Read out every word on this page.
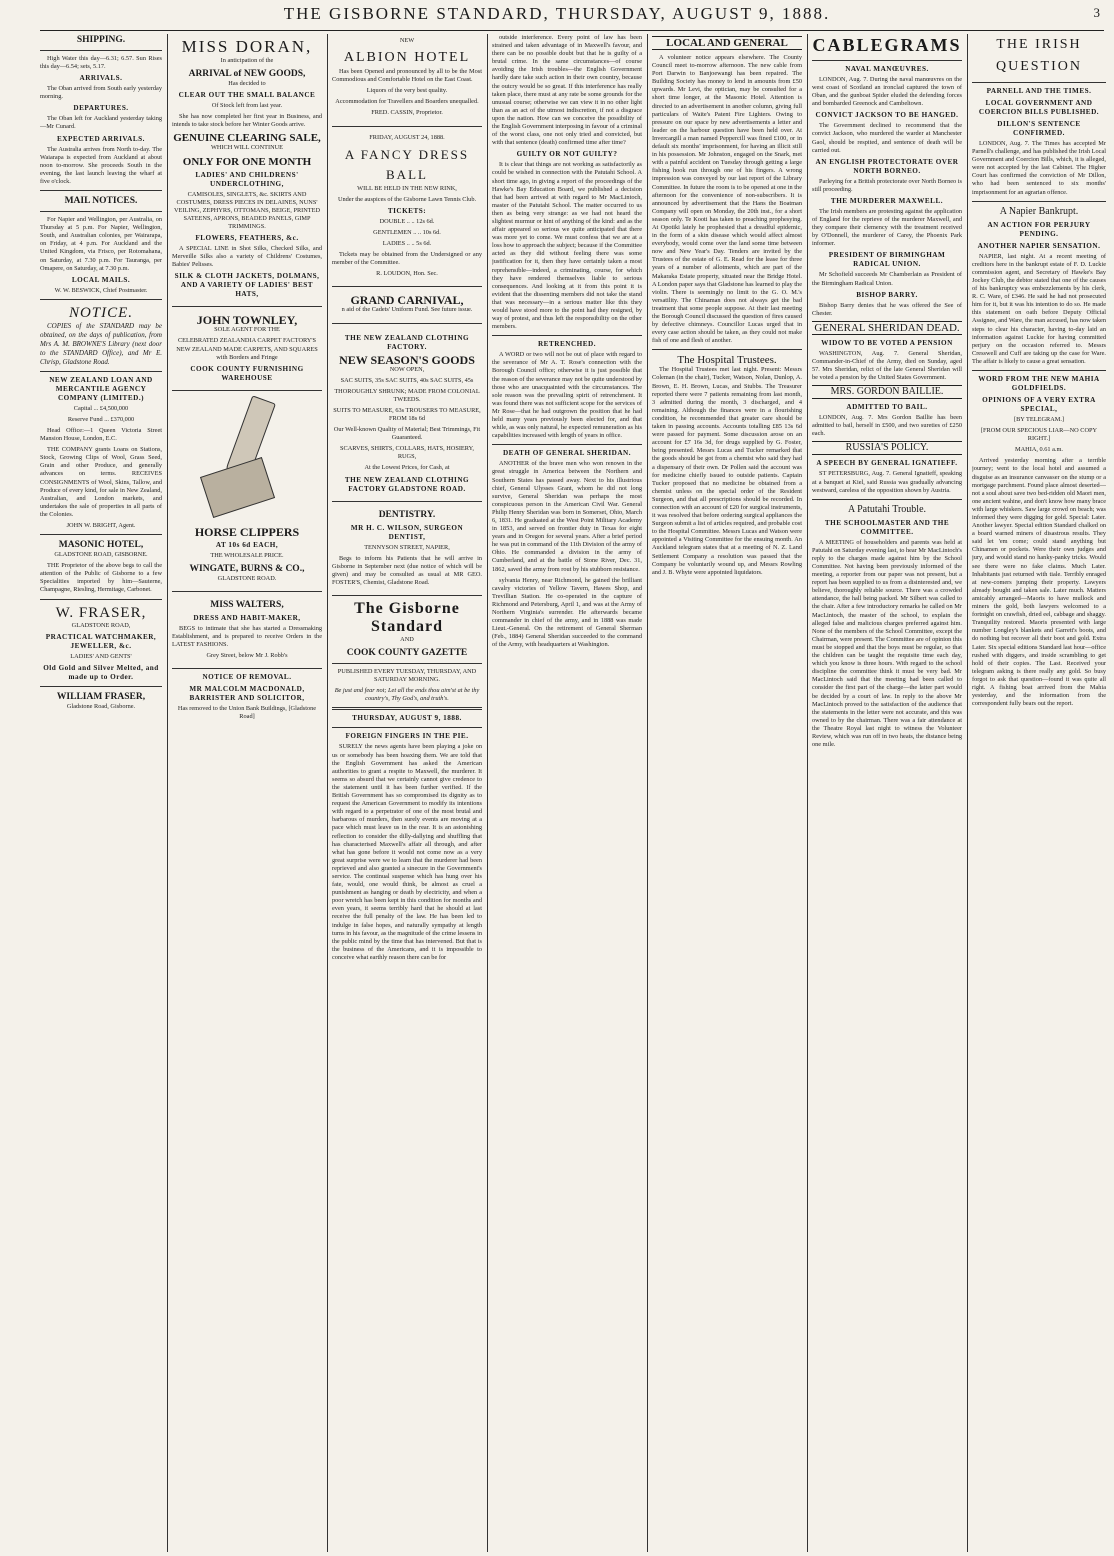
THE GISBORNE STANDARD, THURSDAY, AUGUST 9, 1888.	3
SHIPPING.

High Water this day—6.31; 6.57. Sun Rises this day—6.54; sets, 5.17.

ARRIVALS.

The Oban arrived from South early yesterday morning.

DEPARTURES.

The Oban left for Auckland yesterday taking—Mr Cunard.

EXPECTED ARRIVALS.

The Australia arrives from North to-day. The Waiarapa is expected from Auckland at about noon to-morrow. She proceeds South in the evening, the last launch leaving the wharf at five o'clock.

MAIL NOTICES.

For Napier and Wellington, per Australia, on Thursday at 5 p.m. For Napier, Wellington, South, and Australian colonies, per Wairarapa, on Friday, at 4 p.m. For Auckland and the United Kingdom, via Frisco, per Rotomahana, on Saturday, at 7.30 p.m. For Tauranga, per Omapere, on Saturday, at 7.30 p.m.

LOCAL MAILS.

W. W. BESWICK, Chief Postmaster.

NOTICE.

COPIES of the STANDARD may be obtained, on the days of publication, from Mrs A. M. BROWNE'S Library (next door to the STANDARD Office), and Mr E. Chrisp, Gladstone Road.

NEW ZEALAND LOAN AND MERCANTILE AGENCY COMPANY (LIMITED.)

Capital ... £4,500,000

Reserve Fund ... £370,000

Head Office:—1 Queen Victoria Street Mansion House, London, E.C.

THE COMPANY grants Loans on Stations, Stock, Growing Clips of Wool, Grass Seed, Grain and other Produce, and generally advances on terms. RECEIVES CONSIGNMENTS of Wool, Skins, Tallow, and Produce of every kind, for sale in New Zealand, Australian, and London markets, and undertakes the sale of properties in all parts of the Colonies.

JOHN W. BRIGHT, Agent.

MASONIC HOTEL,

GLADSTONE ROAD, GISBORNE.

THE Proprietor of the above begs to call the attention of the Public of Gisborne to a few Specialities imported by him—Sauterne, Champagne, Riesling, Hermitage, Carbonet.

W. FRASER,

GLADSTONE ROAD,

PRACTICAL WATCHMAKER, JEWELLER, &c.

LADIES' AND GENTS'

Old Gold and Silver Melted, and made up to Order.
WILLIAM FRASER,

Gladstone Road, Gisborne.

MISS DORAN,

In anticipation of the

ARRIVAL of NEW GOODS,

Has decided to

CLEAR OUT THE SMALL BALANCE

Of Stock left from last year.

She has now completed her first year in Business, and intends to take stock before her Winter Goods arrive.

GENUINE CLEARING SALE,

WHICH WILL CONTINUE

ONLY FOR ONE MONTH
LADIES' AND CHILDRENS' UNDERCLOTHING,

CAMISOLES, SINGLETS, &c. SKIRTS AND COSTUMES, DRESS PIECES IN DELAINES, NUNS' VEILING, ZEPHYRS, OTTOMANS, BEIGE, PRINTED SATEENS, APRONS, BEADED PANELS, GIMP TRIMMINGS.

FLOWERS, FEATHERS, &c.

A SPECIAL LINE in Shot Silks, Checked Silks, and Merveille Silks also a variety of Childrens' Costumes, Babies' Pelisses.

SILK & CLOTH JACKETS, DOLMANS, AND A VARIETY OF LADIES' BEST HATS,
JOHN TOWNLEY,

SOLE AGENT FOR THE

CELEBRATED ZEALANDIA CARPET FACTORY'S NEW ZEALAND MADE CARPETS, AND SQUARES with Borders and Fringe

COOK COUNTY FURNISHING WAREHOUSE
HORSE CLIPPERS
AT 10s 6d EACH,

THE WHOLESALE PRICE.

WINGATE, BURNS & CO.,

GLADSTONE ROAD.

MISS WALTERS,
DRESS AND HABIT-MAKER,

BEGS to intimate that she has started a Dressmaking Establishment, and is prepared to receive Orders in the LATEST FASHIONS.

Grey Street, below Mr J. Robb's

NOTICE OF REMOVAL.
MR MALCOLM MACDONALD, BARRISTER AND SOLICITOR,

Has removed to the Union Bank Buildings, [Gladstone Road]

NEW

ALBION HOTEL

Has been Opened and pronounced by all to be the Most Commodious and Comfortable Hotel on the East Coast.

Liquors of the very best quality.

Accommodation for Travellers and Boarders unequalled.

FRED. CASSIN, Proprietor.

FRIDAY, AUGUST 24, 1888.

A FANCY DRESS BALL

WILL BE HELD IN THE NEW RINK,

Under the auspices of the Gisborne Lawn Tennis Club.

TICKETS:

DOUBLE .. .. 12s 6d.

GENTLEMEN .. .. 10s 6d.

LADIES .. .. 5s 6d.

Tickets may be obtained from the Undersigned or any member of the Committee.

R. LOUDON, Hon. Sec.

GRAND CARNIVAL,

n aid of the Cadets' Uniform Fund. See future issue.

THE NEW ZEALAND CLOTHING FACTORY.
NEW SEASON'S GOODS

NOW OPEN,

SAC SUITS, 35s SAC SUITS, 40s SAC SUITS, 45s

THOROUGHLY SHRUNK; MADE FROM COLONIAL TWEEDS.

SUITS TO MEASURE, 63s TROUSERS TO MEASURE, FROM 18s 6d

Our Well-known Quality of Material; Best Trimmings, Fit Guaranteed.

SCARVES, SHIRTS, COLLARS, HATS, HOSIERY, RUGS,

At the Lowest Prices, for Cash, at

THE NEW ZEALAND CLOTHING FACTORY GLADSTONE ROAD.
DENTISTRY.
MR H. C. WILSON, SURGEON DENTIST,

TENNYSON STREET, NAPIER,

Begs to inform his Patients that he will arrive in Gisborne in September next (due notice of which will be given) and may be consulted as usual at MR GEO. FOSTER'S, Chemist, Gladstone Road.

The Gisborne Standard

AND

COOK COUNTY GAZETTE

PUBLISHED EVERY TUESDAY, THURSDAY, AND SATURDAY MORNING.

Be just and fear not; Let all the ends thou aim'st at be thy country's, Thy God's, and truth's.

THURSDAY, AUGUST 9, 1888.
FOREIGN FINGERS IN THE PIE.

SURELY the news agents have been playing a joke on us or somebody has been hoaxing them. We are told that the English Government has asked the American authorities to grant a respite to Maxwell, the murderer. It seems so absurd that we certainly cannot give credence to the statement until it has been further verified. If the British Government has so compromised its dignity as to request the American Government to modify its intentions with regard to a perpetrator of one of the most brutal and barbarous of murders, then surely events are moving at a pace which must leave us in the rear. It is an astonishing reflection to consider the dilly-dallying and shuffling that has characterised Maxwell's affair all through, and after what has gone before it would not come now as a very great surprise were we to learn that the murderer had been reprieved and also granted a sinecure in the Government's service. The continual suspense which has hung over his fate, would, one would think, be almost as cruel a punishment as hanging or death by electricity, and when a poor wretch has been kept in this condition for months and even years, it seems terribly hard that he should at last receive the full penalty of the law. He has been led to indulge in false hopes, and naturally sympathy at length turns in his favour, as the magnitude of the crime lessens in the public mind by the time that has intervened. But that is the business of the Americans, and it is impossible to conceive what earthly reason there can be for

outside interference. Every point of law has been strained and taken advantage of in Maxwell's favour, and there can be no possible doubt but that he is guilty of a brutal crime. In the same circumstances—of course avoiding the Irish troubles—the English Government hardly dare take such action in their own country, because the outcry would be so great. If this interference has really taken place, there must at any rate be some grounds for the unusual course; otherwise we can view it in no other light than as an act of the utmost indiscretion, if not a disgrace upon the nation. How can we conceive the possibility of the English Government interposing in favour of a criminal of the worst class, one not only tried and convicted, but with that sentence (death) confirmed time after time?

GUILTY OR NOT GUILTY?

It is clear that things are not working as satisfactorily as could be wished in connection with the Patutahi School. A short time ago, in giving a report of the proceedings of the Hawke's Bay Education Board, we published a decision that had been arrived at with regard to Mr MacLintoch, master of the Patutahi School. The matter occurred to us then as being very strange: as we had not heard the slightest murmur or hint of anything of the kind: and as the affair appeared so serious we quite anticipated that there was more yet to come. We must confess that we are at a loss how to approach the subject; because if the Committee acted as they did without feeling there was some justification for it, then they have certainly taken a most reprehensible—indeed, a criminating, course, for which they have rendered themselves liable to serious consequences. And looking at it from this point it is evident that the dissenting members did not take the stand that was necessary—in a serious matter like this they would have stood more to the point had they resigned, by way of protest, and thus left the responsibility on the other members.

RETRENCHED.

A WORD or two will not be out of place with regard to the severance of Mr A. T. Rose's connection with the Borough Council office; otherwise it is just possible that the reason of the severance may not be quite understood by those who are unacquainted with the circumstances. The sole reason was the prevailing spirit of retrenchment. It was found there was not sufficient scope for the services of Mr Rose—that he had outgrown the position that he had held many years previously been elected for, and that while, as was only natural, he expected remuneration as his capabilities increased with length of years in office.

DEATH OF GENERAL SHERIDAN.

ANOTHER of the brave men who won renown in the great struggle in America between the Northern and Southern States has passed away. Next to his illustrious chief, General Ulysses Grant, whom he did not long survive, General Sheridan was perhaps the most conspicuous person in the American Civil War. General Philip Henry Sheridan was born in Somerset, Ohio, March 6, 1831. He graduated at the West Point Military Academy in 1853, and served on frontier duty in Texas for eight years and in Oregon for several years. After a brief period he was put in command of the 11th Division of the army of Ohio. He commanded a division in the army of Cumberland, and at the battle of Stone River, Dec. 31, 1862, saved the army from rout by his stubborn resistance.

sylvania Henry, near Richmond, he gained the brilliant cavalry victories of Yellow Tavern, Hawes Shop, and Trevillian Station. He co-operated in the capture of Richmond and Petersburg, April 1, and was at the Army of Northern Virginia's surrender. He afterwards became commander in chief of the army, and in 1888 was made Lieut.-General. On the retirement of General Sherman (Feb., 1884) General Sheridan succeeded to the command of the Army, with headquarters at Washington.

LOCAL AND GENERAL

A volunteer notice appears elsewhere. The County Council meet to-morrow afternoon. The new cable from Port Darwin to Banjoewangi has been repaired. The Building Society has money to lend in amounts from £50 upwards. Mr Levi, the optician, may be consulted for a short time longer, at the Masonic Hotel. Attention is directed to an advertisement in another column, giving full particulars of Waite's Patent Fire Lighters. Owing to pressure on our space by new advertisements a letter and leader on the harbour question have been held over. At Invercargill a man named Peppercill was fined £100, or in default six months' imprisonment, for having an illicit still in his possession. Mr Johnston, engaged on the Snark, met with a painful accident on Tuesday through getting a large fishing hook run through one of his fingers. A wrong impression was conveyed by our last report of the Library Committee. In future the room is to be opened at one in the afternoon for the convenience of non-subscribers. It is announced by advertisement that the Hans the Boatman Company will open on Monday, the 20th inst., for a short season only. Te Kooti has taken to preaching prophesying. At Opotiki lately he prophesied that a dreadful epidemic, in the form of a skin disease which would affect almost everybody, would come over the land some time between now and New Year's Day. Tenders are invited by the Trustees of the estate of G. E. Read for the lease for three years of a number of allotments, which are part of the Makaraka Estate property, situated near the Bridge Hotel. A London paper says that Gladstone has learned to play the violin. There is seemingly no limit to the G. O. M.'s versatility. The Chinaman does not always get the bad treatment that some people suppose. At their last meeting the Borough Council discussed the question of fires caused by defective chimneys. Councillor Lucas urged that in every case action should be taken, as they could not make fish of one and flesh of another.

The Hospital Trustees.

The Hospital Trustees met last night. Present: Messrs Coleman (in the chair), Tucker, Watson, Nolan, Dunlop, A. Brown, E. H. Brown, Lucas, and Stubbs. The Treasurer reported there were 7 patients remaining from last month, 3 admitted during the month, 3 discharged, and 4 remaining. Although the finances were in a flourishing condition, he recommended that greater care should be taken in passing accounts. Accounts totalling £85 13s 6d were passed for payment. Some discussion arose on an account for £7 16s 3d, for drugs supplied by G. Foster, being presented. Messrs Lucas and Tucker remarked that the goods should be got from a chemist who said they had a dispensary of their own. Dr Pollen said the account was for medicine chiefly issued to outside patients. Captain Tucker proposed that no medicine be obtained from a chemist unless on the special order of the Resident Surgeon, and that all prescriptions should be recorded. In connection with an account of £20 for surgical instruments, it was resolved that before ordering surgical appliances the Surgeon submit a list of articles required, and probable cost to the Hospital Committee. Messrs Lucas and Watson were appointed a Visiting Committee for the ensuing month. An Auckland telegram states that at a meeting of N. Z. Land Settlement Company a resolution was passed that the Company be voluntarily wound up, and Messrs Rowling and J. B. Whyte were appointed liquidators.

CABLEGRAMS
NAVAL MANŒUVRES.

LONDON, Aug. 7. During the naval manœuvres on the west coast of Scotland an ironclad captured the town of Oban, and the gunboat Spider eluded the defending forces and bombarded Greenock and Cambeltown.

CONVICT JACKSON TO BE HANGED.

The Government declined to recommend that the convict Jackson, who murdered the warder at Manchester Gaol, should be respited, and sentence of death will be carried out.

AN ENGLISH PROTECTORATE OVER NORTH BORNEO.

Parleying for a British protectorate over North Borneo is still proceeding.

THE MURDERER MAXWELL.

The Irish members are protesting against the application of England for the reprieve of the murderer Maxwell, and they compare their clemency with the treatment received by O'Donnell, the murderer of Carey, the Phoenix Park informer.

PRESIDENT OF BIRMINGHAM RADICAL UNION.

Mr Schofield succeeds Mr Chamberlain as President of the Birmingham Radical Union.

BISHOP BARRY.

Bishop Barry denies that he was offered the See of Chester.

GENERAL SHERIDAN DEAD.
WIDOW TO BE VOTED A PENSION

WASHINGTON, Aug. 7. General Sheridan, Commander-in-Chief of the Army, died on Sunday, aged 57. Mrs Sheridan, relict of the late General Sheridan will be voted a pension by the United States Government.

MRS. GORDON BAILLIE.
ADMITTED TO BAIL.

LONDON, Aug. 7. Mrs Gordon Baillie has been admitted to bail, herself in £500, and two sureties of £250 each.

RUSSIA'S POLICY.
A SPEECH BY GENERAL IGNATIEFF.

ST PETERSBURG, Aug. 7. General Ignatieff, speaking at a banquet at Kiel, said Russia was gradually advancing westward, careless of the opposition shown by Austria.

A Patutahi Trouble.
THE SCHOOLMASTER AND THE COMMITTEE.

A MEETING of householders and parents was held at Patutahi on Saturday evening last, to hear Mr MacLintoch's reply to the charges made against him by the School Committee. Not having been previously informed of the meeting, a reporter from our paper was not present, but a report has been supplied to us from a disinterested and, we believe, thoroughly reliable source. There was a crowded attendance, the hall being packed. Mr Silbert was called to the chair. After a few introductory remarks he called on Mr MacLintoch, the master of the school, to explain the alleged false and malicious charges preferred against him. None of the members of the School Committee, except the Chairman, were present. The Committee are of opinion this must be stopped and that the boys must be regular, so that the children can be taught the requisite time each day, which you know is three hours. With regard to the school discipline the committee think it must be very bad. Mr MacLintoch said that the meeting had been called to consider the first part of the charge—the latter part would be decided by a court of law. In reply to the above Mr MacLintoch proved to the satisfaction of the audience that the statements in the letter were not accurate, and this was owned to by the chairman. There was a fair attendance at the Theatre Royal last night to witness the Volunteer Review, which was run off in two heats, the distance being one mile.

THE IRISH QUESTION
PARNELL AND THE TIMES.
LOCAL GOVERNMENT AND COERCION BILLS PUBLISHED.
DILLON'S SENTENCE CONFIRMED.

LONDON, Aug. 7. The Times has accepted Mr Parnell's challenge, and has published the Irish Local Government and Coercion Bills, which, it is alleged, were not accepted by the last Cabinet. The Higher Court has confirmed the conviction of Mr Dillon, who had been sentenced to six months' imprisonment for an agrarian offence.

A Napier Bankrupt.
AN ACTION FOR PERJURY PENDING.
ANOTHER NAPIER SENSATION.

NAPIER, last night. At a recent meeting of creditors here in the bankrupt estate of F. D. Luckie commission agent, and Secretary of Hawke's Bay Jockey Club, the debtor stated that one of the causes of his bankruptcy was embezzlements by his clerk, R. C. Ware, of £346. He said he had not prosecuted him for it, but it was his intention to do so. He made this statement on oath before Deputy Official Assignee, and Ware, the man accused, has now taken steps to clear his character, having to-day laid an information against Luckie for having committed perjury on the occasion referred to. Messrs Cresswell and Cuff are taking up the case for Ware. The affair is likely to cause a great sensation.

WORD FROM THE NEW MAHIA GOLDFIELDS.
OPINIONS OF A VERY EXTRA SPECIAL,

[BY TELEGRAM.]

[FROM OUR SPECIOUS LIAR—NO COPY RIGHT.]

MAHIA, 0.61 a.m.

Arrived yesterday morning after a terrible journey; went to the local hotel and assumed a disguise as an insurance canvasser on the stump or a mortgage parchment. Found place almost deserted—not a soul about save two bed-ridden old Maori men, one ancient wahine, and don't know how many brace with large whiskers. Saw large crowd on beach; was informed they were digging for gold. Special: Later. Another lawyer. Special edition Standard chalked on a board warned miners of disastrous results. They said let 'em come; could stand anything but Chinamen or pockets. Were their own judges and jury, and would stand no hanky-panky tricks. Would see there were no fake claims. Much Later. Inhabitants just returned with tiale. Terribly enraged at new-comers jumping their property. Lawyers already bought and taken sale. Later much. Matters amicably arranged—Maoris to have mullock and miners the gold, both lawyers welcomed to a fortnight on crawfish, dried eel, cabbage and shaggy. Tranquility restored. Maoris presented with large number Longley's blankets and Garrett's boots, and do nothing but recover all their boot and gold. Extra Later. Six special editions Standard last hour—office rushed with diggers, and inside scrambling to get hold of their copies. The Last. Received your telegram asking is there really any gold. So busy forgot to ask that question—found it was quite all right. A fishing boat arrived from the Mahia yesterday, and the information from the correspondent fully bears out the report.
